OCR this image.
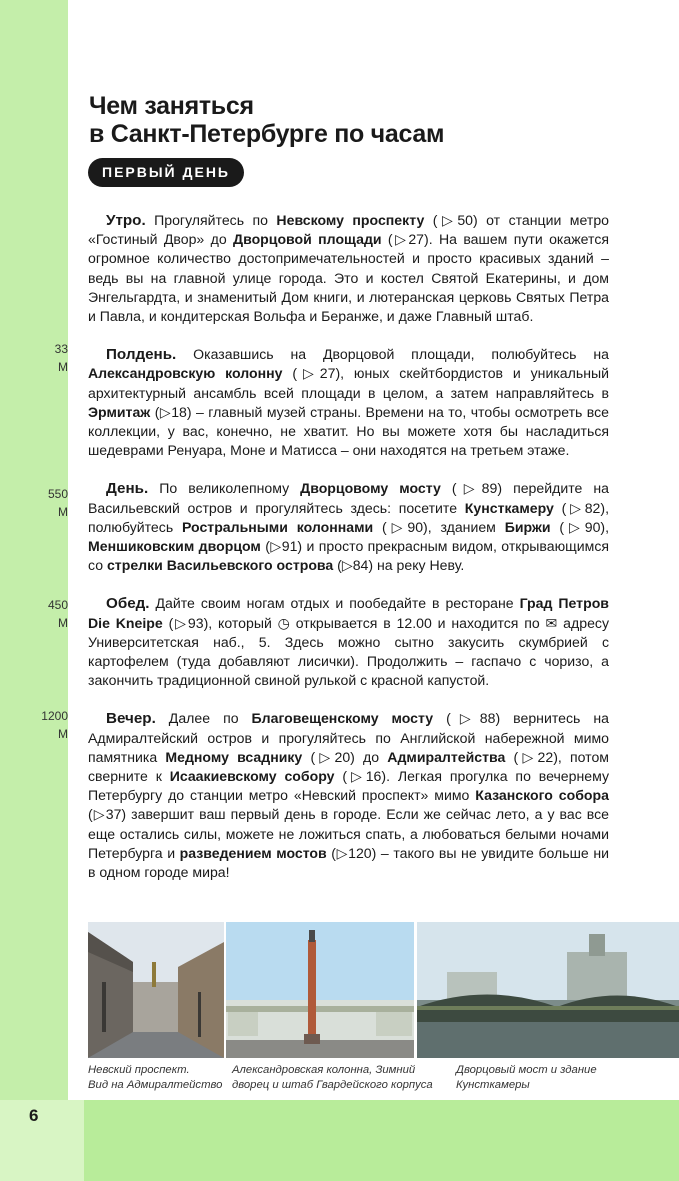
6
Чем заняться
в Санкт-Петербурге по часам
ПЕРВЫЙ ДЕНЬ
33
М
550
М
450
М
1200
М

Утро. Прогуляйтесь по Невскому проспекту (▷50) от станции метро «Гостиный Двор» до Дворцовой площади (▷27). На вашем пути окажется огромное количество достопримечательностей и просто красивых зданий – ведь вы на главной улице города. Это и костел Святой Екатерины, и дом Энгельгардта, и знаменитый Дом книги, и лютеранская церковь Святых Петра и Павла, и кондитерская Вольфа и Беранже, и даже Главный штаб.

Полдень. Оказавшись на Дворцовой площади, полюбуйтесь на Александровскую колонну (▷27), юных скейтбордистов и уникальный архитектурный ансамбль всей площади в целом, а затем направляйтесь в Эрмитаж (▷18) – главный музей страны. Времени на то, чтобы осмотреть все коллекции, у вас, конечно, не хватит. Но вы можете хотя бы насладиться шедеврами Ренуара, Моне и Матисса – они находятся на третьем этаже.

День. По великолепному Дворцовому мосту (▷89) перейдите на Васильевский остров и прогуляйтесь здесь: посетите Кунсткамеру (▷82), полюбуйтесь Ростральными колоннами (▷90), зданием Биржи (▷90), Меншиковским дворцом (▷91) и просто прекрасным видом, открывающимся со стрелки Васильевского острова (▷84) на реку Неву.

Обед. Дайте своим ногам отдых и пообедайте в ресторане Град Петров Die Kneipe (▷93), который ◷ открывается в 12.00 и находится по ✉ адресу Университетская наб., 5. Здесь можно сытно закусить скумбрией с картофелем (туда добавляют лисички). Продолжить – гаспачо с чоризо, а закончить традиционной свиной рулькой с красной капустой.

Вечер. Далее по Благовещенскому мосту (▷88) вернитесь на Адмиралтейский остров и прогуляйтесь по Английской набережной мимо памятника Медному всаднику (▷20) до Адмиралтейства (▷22), потом сверните к Исаакиевскому собору (▷16). Легкая прогулка по вечернему Петербургу до станции метро «Невский проспект» мимо Казанского собора (▷37) завершит ваш первый день в городе. Если же сейчас лето, а у вас все еще остались силы, можете не ложиться спать, а любоваться белыми ночами Петербурга и разведением мостов (▷120) – такого вы не увидите больше ни в одном городе мира!

Невский проспект.
Вид на Адмиралтейство
Александровская колонна, Зимний
дворец и штаб Гвардейского корпуса
Дворцовый мост и здание
Кунсткамеры
